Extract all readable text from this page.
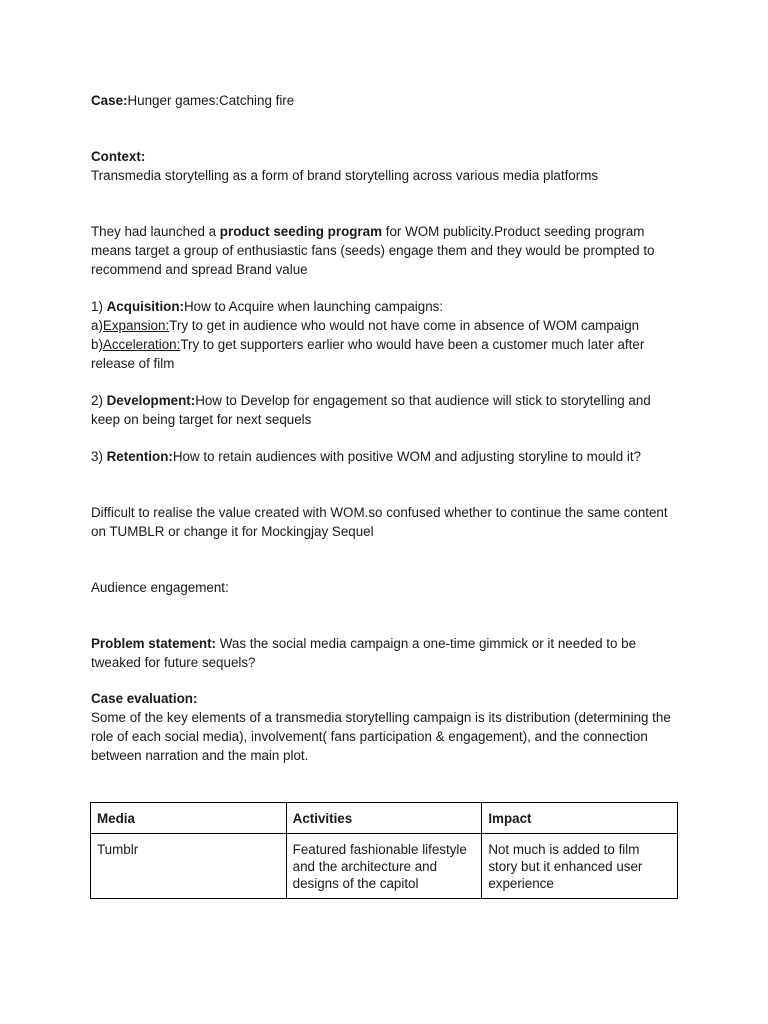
Case:Hunger games:Catching fire

Context:

Transmedia storytelling as a form of brand storytelling across various media platforms

They had launched a product seeding program for WOM publicity.Product seeding program means target a group of enthusiastic fans (seeds) engage them and they would be prompted to recommend and spread Brand value

1) Acquisition:How to Acquire when launching campaigns:

a)Expansion:Try to get in audience who would not have come in absence of WOM campaign

b)Acceleration:Try to get supporters earlier who would have been a customer much later after release of film

2) Development:How to Develop for engagement so that audience will stick to storytelling and keep on being target for next sequels

3) Retention:How to retain audiences with positive WOM and adjusting storyline to mould it?

Difficult to realise the value created with WOM.so confused whether to continue the same content on TUMBLR or change it for Mockingjay Sequel

Audience engagement:

Problem statement: Was the social media campaign a one-time gimmick or it needed to be tweaked for future sequels?

Case evaluation:

Some of the key elements of a transmedia storytelling campaign is its distribution (determining the role of each social media), involvement( fans participation & engagement), and the connection between narration and the main plot.

Media	Activities	Impact
Tumblr	Featured fashionable lifestyle and the architecture and designs of the capitol	Not much is added to film story but it enhanced user experience
